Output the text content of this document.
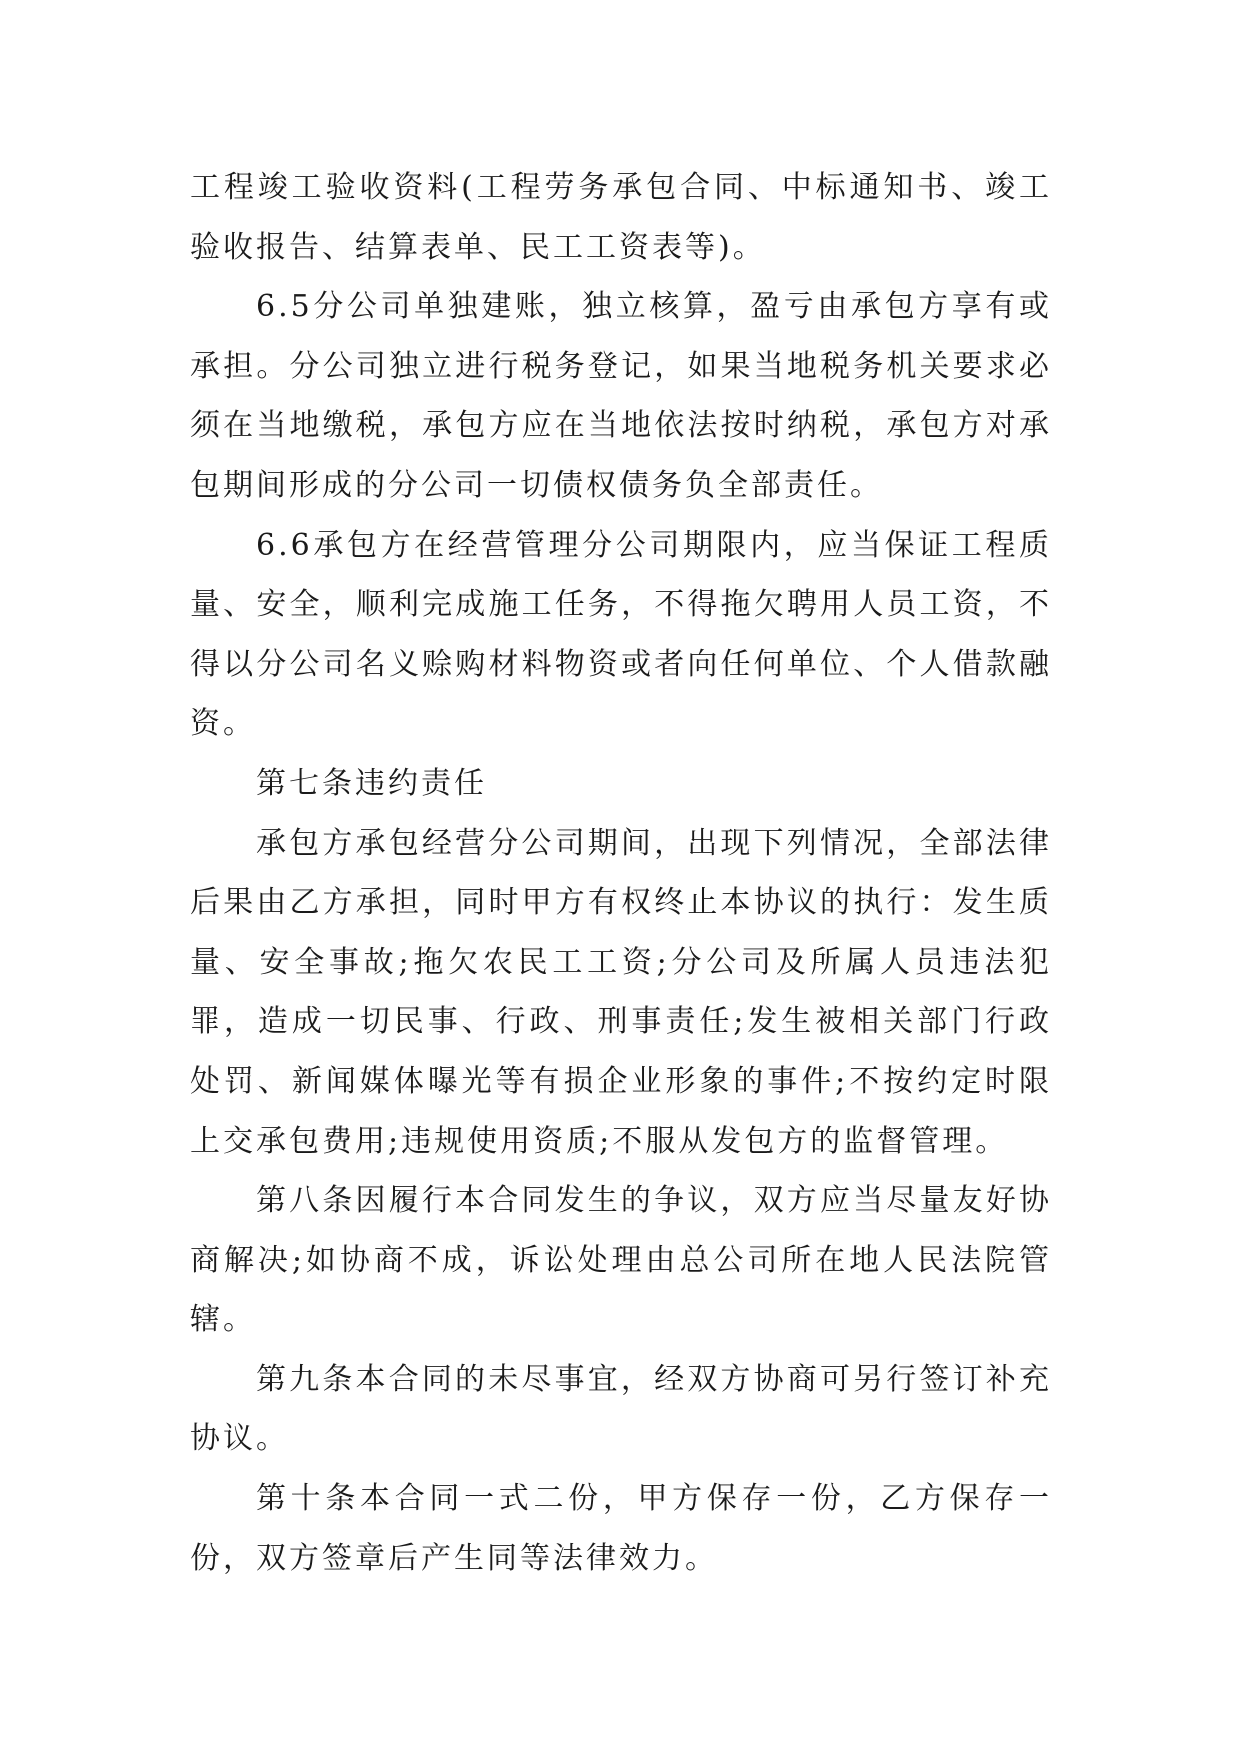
工程竣工验收资料(工程劳务承包合同、中标通知书、竣工验收报告、结算表单、民工工资表等)。

6.5分公司单独建账，独立核算，盈亏由承包方享有或承担。分公司独立进行税务登记，如果当地税务机关要求必须在当地缴税，承包方应在当地依法按时纳税，承包方对承包期间形成的分公司一切债权债务负全部责任。

6.6承包方在经营管理分公司期限内，应当保证工程质量、安全，顺利完成施工任务，不得拖欠聘用人员工资，不得以分公司名义赊购材料物资或者向任何单位、个人借款融资。

第七条违约责任

承包方承包经营分公司期间，出现下列情况，全部法律后果由乙方承担，同时甲方有权终止本协议的执行：发生质量、安全事故;拖欠农民工工资;分公司及所属人员违法犯罪，造成一切民事、行政、刑事责任;发生被相关部门行政处罚、新闻媒体曝光等有损企业形象的事件;不按约定时限上交承包费用;违规使用资质;不服从发包方的监督管理。

第八条因履行本合同发生的争议，双方应当尽量友好协商解决;如协商不成，诉讼处理由总公司所在地人民法院管辖。

第九条本合同的未尽事宜，经双方协商可另行签订补充协议。

第十条本合同一式二份，甲方保存一份，乙方保存一份，双方签章后产生同等法律效力。
